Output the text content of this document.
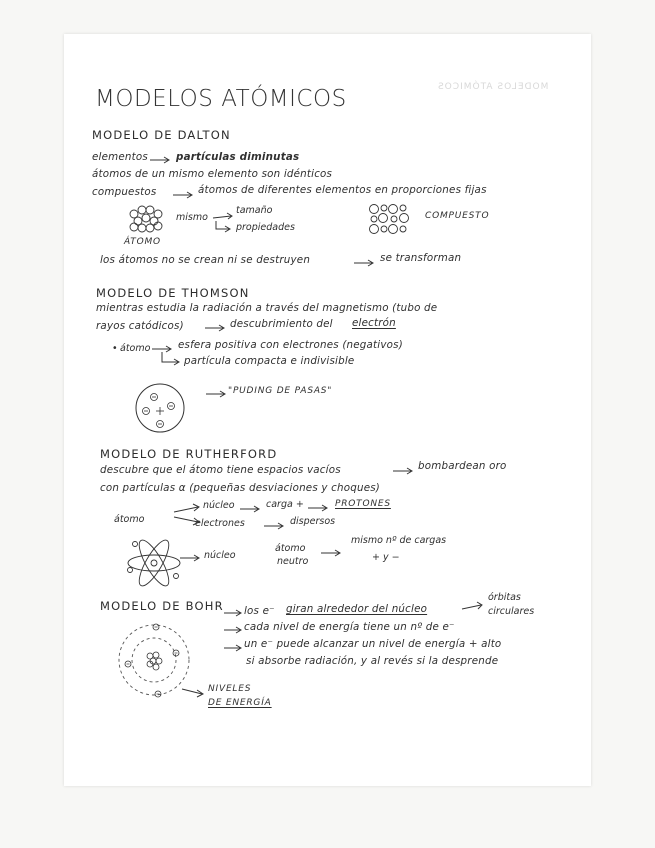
MODELOS ATÓMICOS
MODELOS ATÓMICOS
MODELO DE DALTON
elementos	partículas diminutas
átomos de un mismo elemento son idénticos
compuestos	átomos de diferentes elementos en proporciones fijas
mismo
tamaño
propiedades
ÁTOMO
COMPUESTO
los átomos no se crean ni se destruyen	se transforman
MODELO DE THOMSON
mientras estudia la radiación a través del magnetismo (tubo de
rayos catódicos)	descubrimiento del electrón
• átomo	esfera positiva con electrones (negativos)
partícula compacta e indivisible
"PUDING DE PASAS"
MODELO DE RUTHERFORD
descubre que el átomo tiene espacios vacíos	bombardean oro
con partículas α (pequeñas desviaciones y choques)
átomo
núcleo	carga +	PROTONES
electrones	dispersos
núcleo
átomo
neutro
mismo nº de cargas
+ y −
MODELO DE BOHR los e⁻ giran alrededor del núcleo
órbitas
circulares
cada nivel de energía tiene un nº de e⁻
un e⁻ puede alcanzar un nivel de energía + alto
si absorbe radiación, y al revés si la desprende
NIVELES
DE ENERGÍA
